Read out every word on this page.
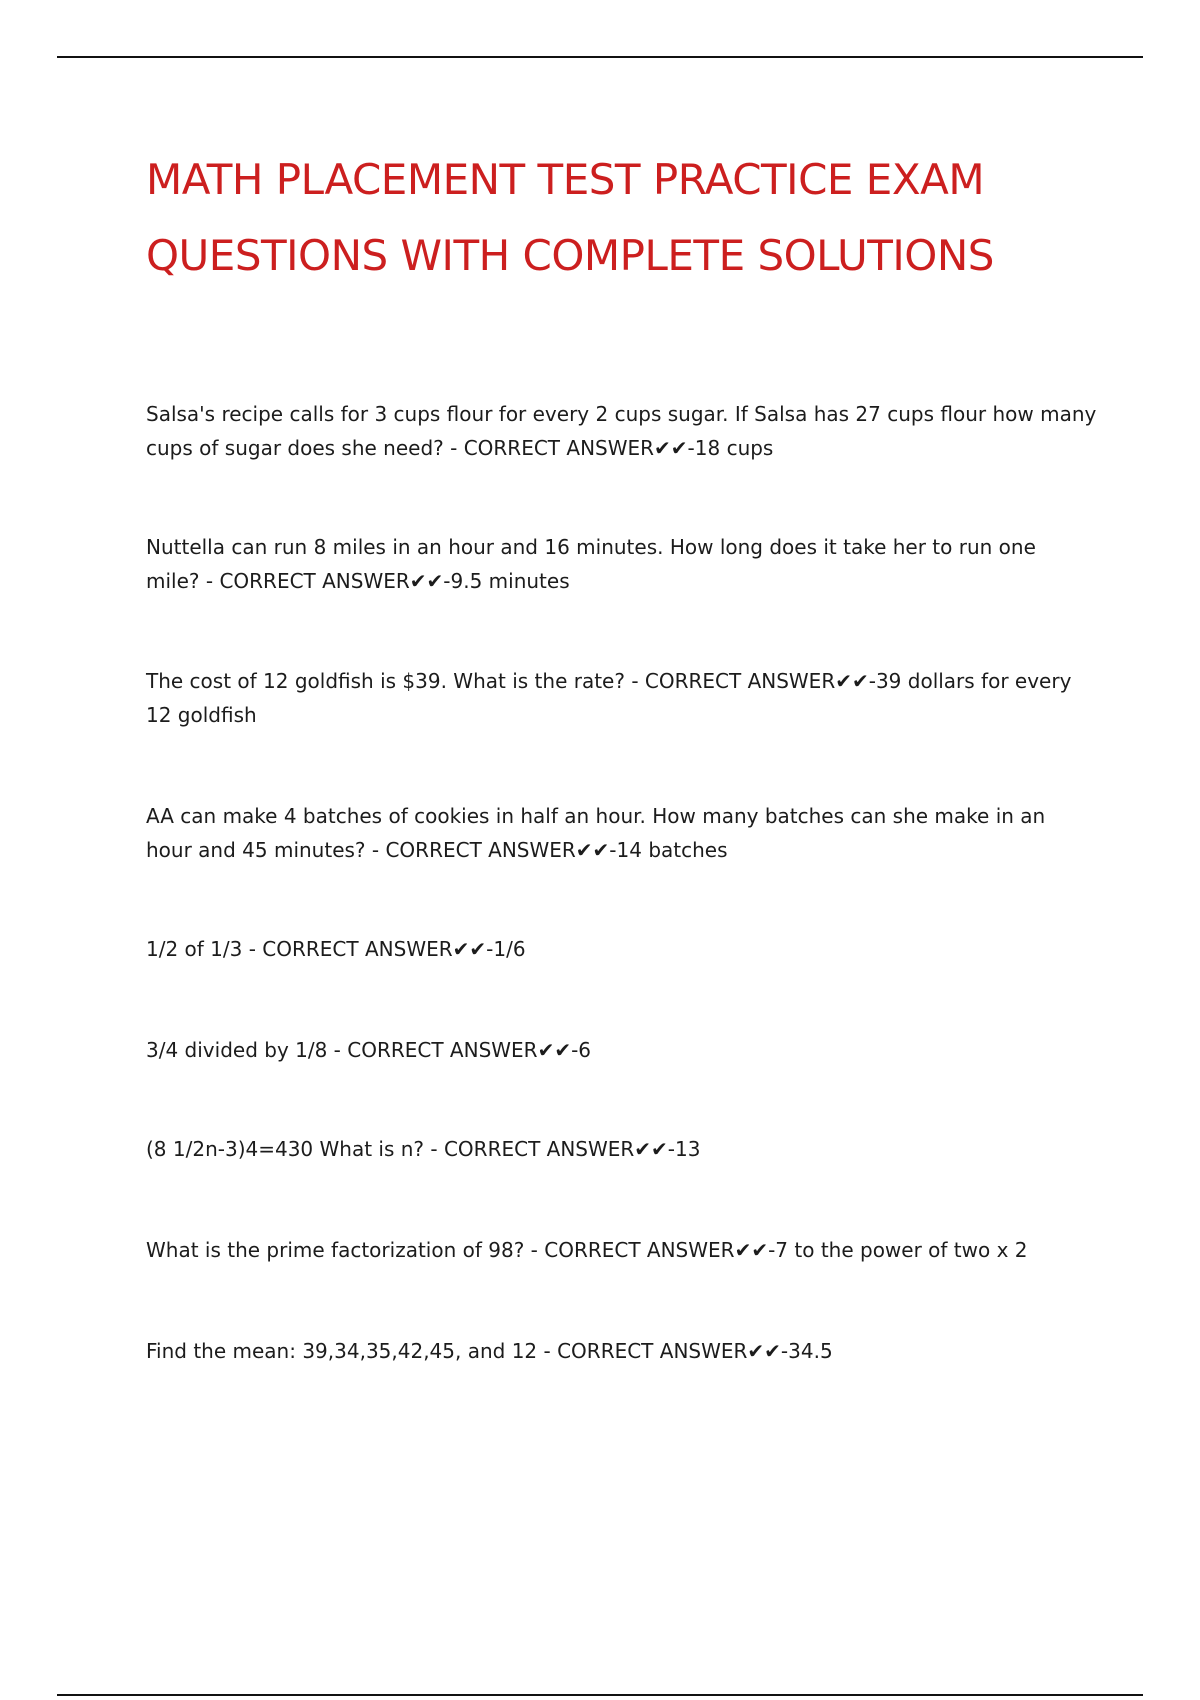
MATH PLACEMENT TEST PRACTICE EXAM
QUESTIONS WITH COMPLETE SOLUTIONS

Salsa's recipe calls for 3 cups flour for every 2 cups sugar. If Salsa has 27 cups flour how many
cups of sugar does she need? - CORRECT ANSWER✔✔-18 cups

Nuttella can run 8 miles in an hour and 16 minutes. How long does it take her to run one
mile? - CORRECT ANSWER✔✔-9.5 minutes

The cost of 12 goldfish is $39. What is the rate? - CORRECT ANSWER✔✔-39 dollars for every
12 goldfish

AA can make 4 batches of cookies in half an hour. How many batches can she make in an
hour and 45 minutes? - CORRECT ANSWER✔✔-14 batches

1/2 of 1/3 - CORRECT ANSWER✔✔-1/6

3/4 divided by 1/8 - CORRECT ANSWER✔✔-6

(8 1/2n-3)4=430 What is n? - CORRECT ANSWER✔✔-13

What is the prime factorization of 98? - CORRECT ANSWER✔✔-7 to the power of two x 2

Find the mean: 39,34,35,42,45, and 12 - CORRECT ANSWER✔✔-34.5
